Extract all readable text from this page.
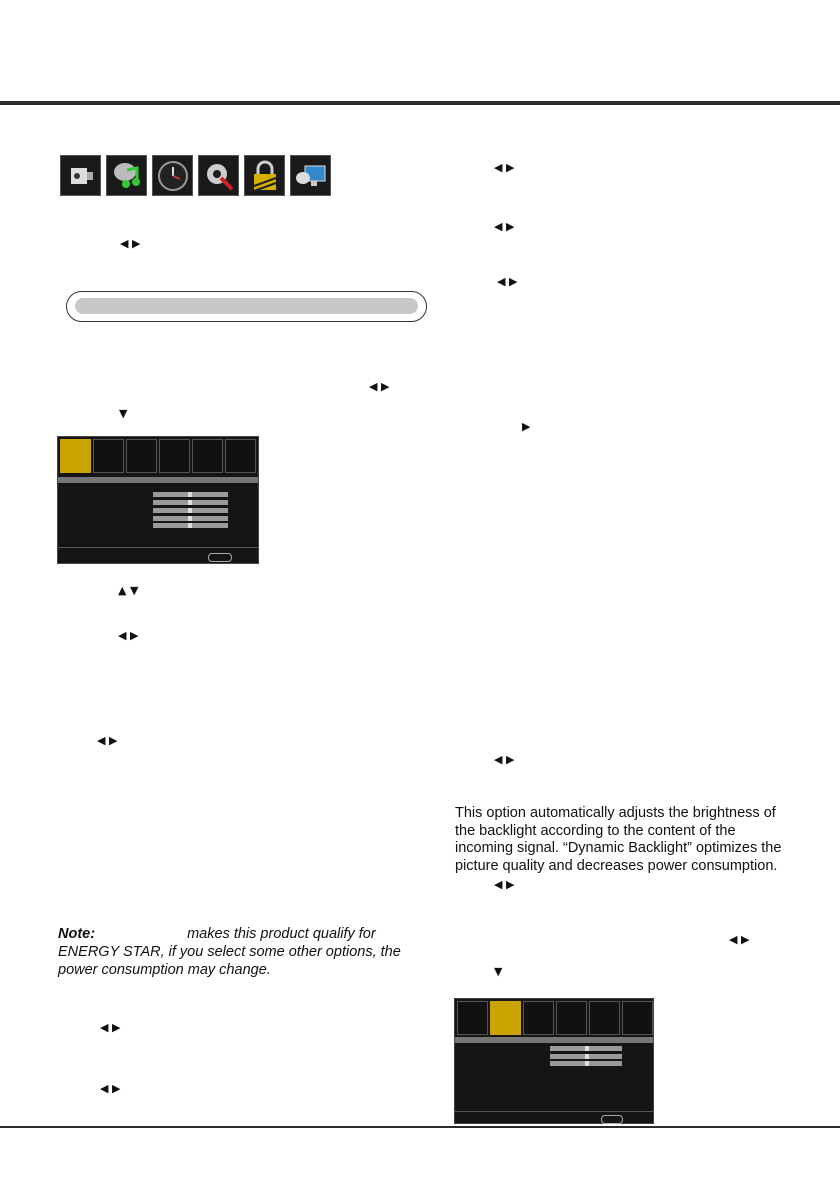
◀ ▶
◀ ▶
▼
▲ ▼
◀ ▶
◀ ▶
Note:	makes this product qualify for ENERGY STAR, if you select some other options, the power consumption may change.
◀ ▶
◀ ▶
◀ ▶
◀ ▶
◀ ▶
▶
◀ ▶
This option automatically adjusts the brightness of the backlight according to the content of the incoming signal. “Dynamic Backlight” optimizes the picture quality and decreases power consumption.
◀ ▶
◀ ▶
▼
